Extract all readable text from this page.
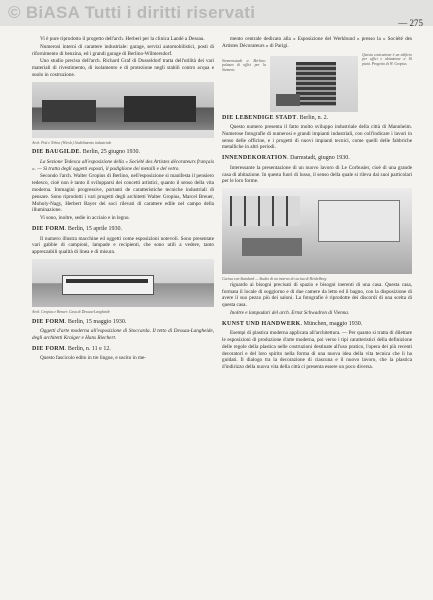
© BiASA Tutti i diritti riservati
— 275

Vi è pure riprodotto il progetto dell'arch. Herberi per la clinica Landé a Dessau.

Numerosi interni di carattere industriale: garage, servizi automobilistici, posti di rifornimento di benzina, ed i grandi garage di Berlino-Wilmersdorf.

Uno studio preciso dell'arch. Richard Graf di Dusseldorf tratta dell'utilità dei vari materiali di rivestimento, di isolamento e di protezione negli stabili contro acqua e suolo in costruzione.

Arch. Pott e Nehse (Wiesb.) Stabilimento industriale
DIE BAUGILDE. Berlin, 25 giugno 1930.

La Sezione Tedesca all'esposizione della « Société des Artistes décorateurs français ». — Si tratta degli oggetti esposti, il padiglione dei metalli e del vetro.

Secondo l'arch. Walter Gropius di Berlino, nell'esposizione si manifesta il pensiero tedesco, cioè non è tanto il svilupparsi dei concetti artistici, quanto il senso della vita moderna. Immagini progressive, portanti de caratteristiche tecniche industriali di pensare. Sono riprodotti i vari progetti degli architetti Walter Gropius, Marcel Breuer, Moholy-Nagy, Herbert Bayer dei soci rilevati di carattere edile nel campo della illuminazione.

Vi sono, inoltre, sedie in acciaio e in legno.

DIE FORM. Berlin, 15 aprile 1930.

Il numero illustra macchine ed oggetti come esposizioni notevoli. Sono presentate vari gabbie di campioni, lampade e recipienti, che sono utili a vedere, tanto apprezzabili qualità di linea e di misura.

Arch. Gropius e Breuer. Casa di Dessau-Langheide
DIE FORM. Berlin, 15 maggio 1930.

Oggetti d'arte moderna all'esposizione di Stoccarda. Il tetto di Dessau-Langheide, degli architetti Kraiger e Hans Riechert.

DIE FORM. Berlin, n. 11 e 12.

Questo fascicolo edito in tre lingue, e uscito in me-

mento centrale dedicato alla « Esposizione del Werkbund » presso la « Société des Artistes Décorateurs » di Parigi.

Siemensstadt a Berlino: palazzo di uffici per la Siemens
Questa costruzione è un edificio per uffici e abitazione a 16 piani. Progetto di W. Gropius
DIE LEBENDIGE STADT. Berlin, n. 2.

Questo numero presenta il fatto molto sviluppo industriale della città di Mannheim. Numerose fotografie di numerosi e grandi impianti industriali, con coll'indicare i lavori in senso delle officine, e i progetti di nuovi impianti tecnici, come quelli delle fabbriche metalliche in altri periodi.

INNENDEKORATION. Darmstadt, giugno 1930.

Interessante la presentazione di un nuovo lavoro di Le Corbusier, cioè di una grande casa di abitazione. In questa fuori di lusso, il senso della quale si rileva dai suoi particolari per le loro forme.

Cucina con Standard — Studio di un interno di cucina di Heidelberg

riguardo ai bisogni precisati di spazio e bisogni inerenti di una casa. Questa casa, formata il locale di soggiorno e di due camere da letto ed il bagno, con la disposizione di avere il suo pezzo più dei saloni. La fotografie è riprodotte dei discordi di una scelta di questa casa.

Inoltre e lampadari del arch. Ernst Schwadron di Vienna.

KUNST UND HANDWERK. München, maggio 1930.

Esempi di plastica moderna applicata all'architettura. — Per quanto si tratta di dilettare le esposizioni di produzione d'arte moderna, poi verso i tipi caratteristici della definizione delle regole della plastica nelle costruzioni destinate all'uso pratico, l'opera dei più recenti decoratori e del loro spirito nella forma di una nuova idea della vita tecnica che li ha guidati. Il dialogo tra la decorazione di ciascuna e il nuovo lavoro, che la plastica d'indirizzo della nuova vita della città ci presenta essere un poco diversa.
